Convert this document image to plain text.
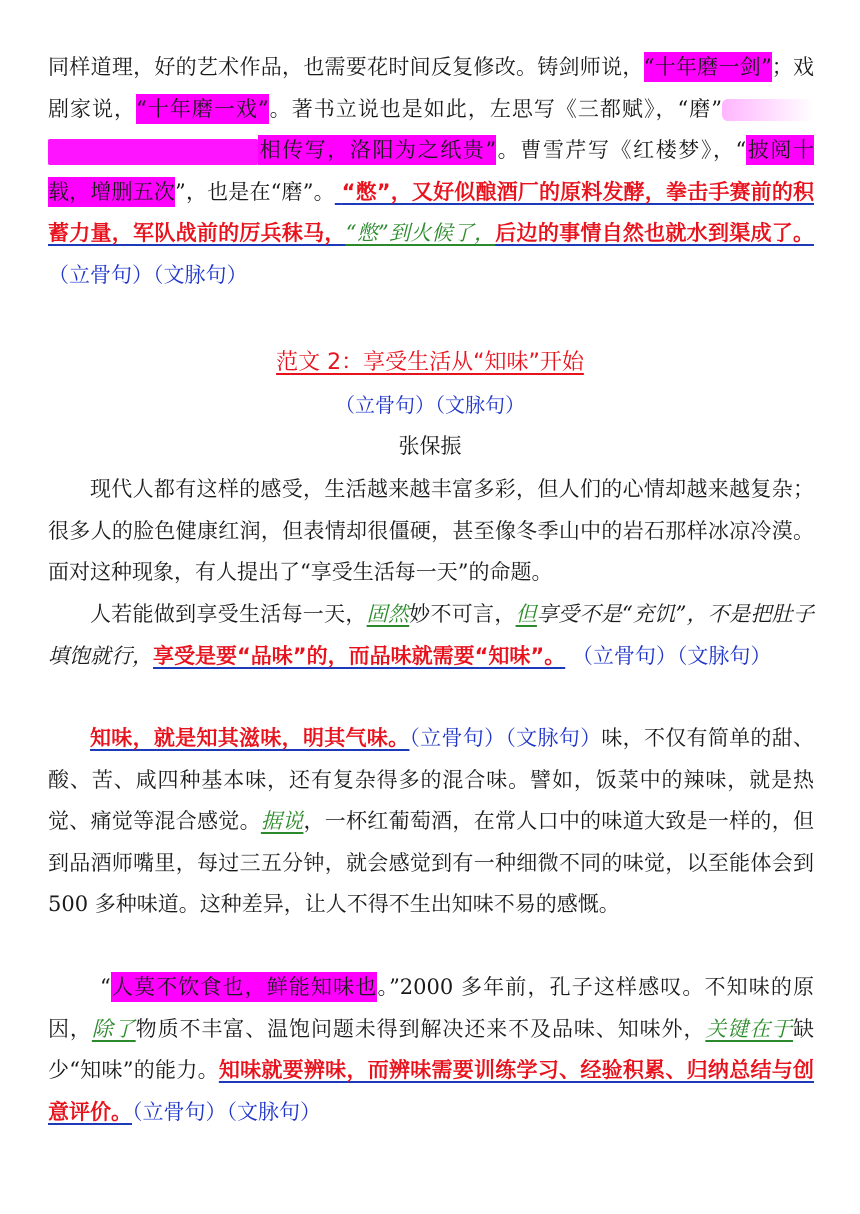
同样道理，好的艺术作品，也需要花时间反复修改。铸剑师说，“十年磨一剑”；戏剧家说，“十年磨一戏”。著书立说也是如此，左思写《三都赋》，“磨”相传写，洛阳为之纸贵”。曹雪芹写《红楼梦》，“披阅十载，增删五次”，也是在“磨”。 “憋”，又好似酿酒厂的原料发酵，拳击手赛前的积蓄力量，军队战前的厉兵秣马，“憋”到火候了，后边的事情自然也就水到渠成了。（立骨句）（文脉句）

范文 2：享受生活从“知味”开始

（立骨句）（文脉句）

张保振

现代人都有这样的感受，生活越来越丰富多彩，但人们的心情却越来越复杂；很多人的脸色健康红润，但表情却很僵硬，甚至像冬季山中的岩石那样冰凉冷漠。面对这种现象，有人提出了“享受生活每一天”的命题。

人若能做到享受生活每一天，固然妙不可言，但享受不是“充饥”，不是把肚子填饱就行，享受是要“品味”的，而品味就需要“知味”。 （立骨句）（文脉句）

知味，就是知其滋味，明其气味。（立骨句）（文脉句）味，不仅有简单的甜、酸、苦、咸四种基本味，还有复杂得多的混合味。譬如，饭菜中的辣味，就是热觉、痛觉等混合感觉。据说，一杯红葡萄酒，在常人口中的味道大致是一样的，但到品酒师嘴里，每过三五分钟，就会感觉到有一种细微不同的味觉，以至能体会到500 多种味道。这种差异，让人不得不生出知味不易的感慨。

“人莫不饮食也，鲜能知味也。”2000 多年前，孔子这样感叹。不知味的原因，除了物质不丰富、温饱问题未得到解决还来不及品味、知味外，关键在于缺少“知味”的能力。知味就要辨味，而辨味需要训练学习、经验积累、归纳总结与创意评价。（立骨句）（文脉句）
